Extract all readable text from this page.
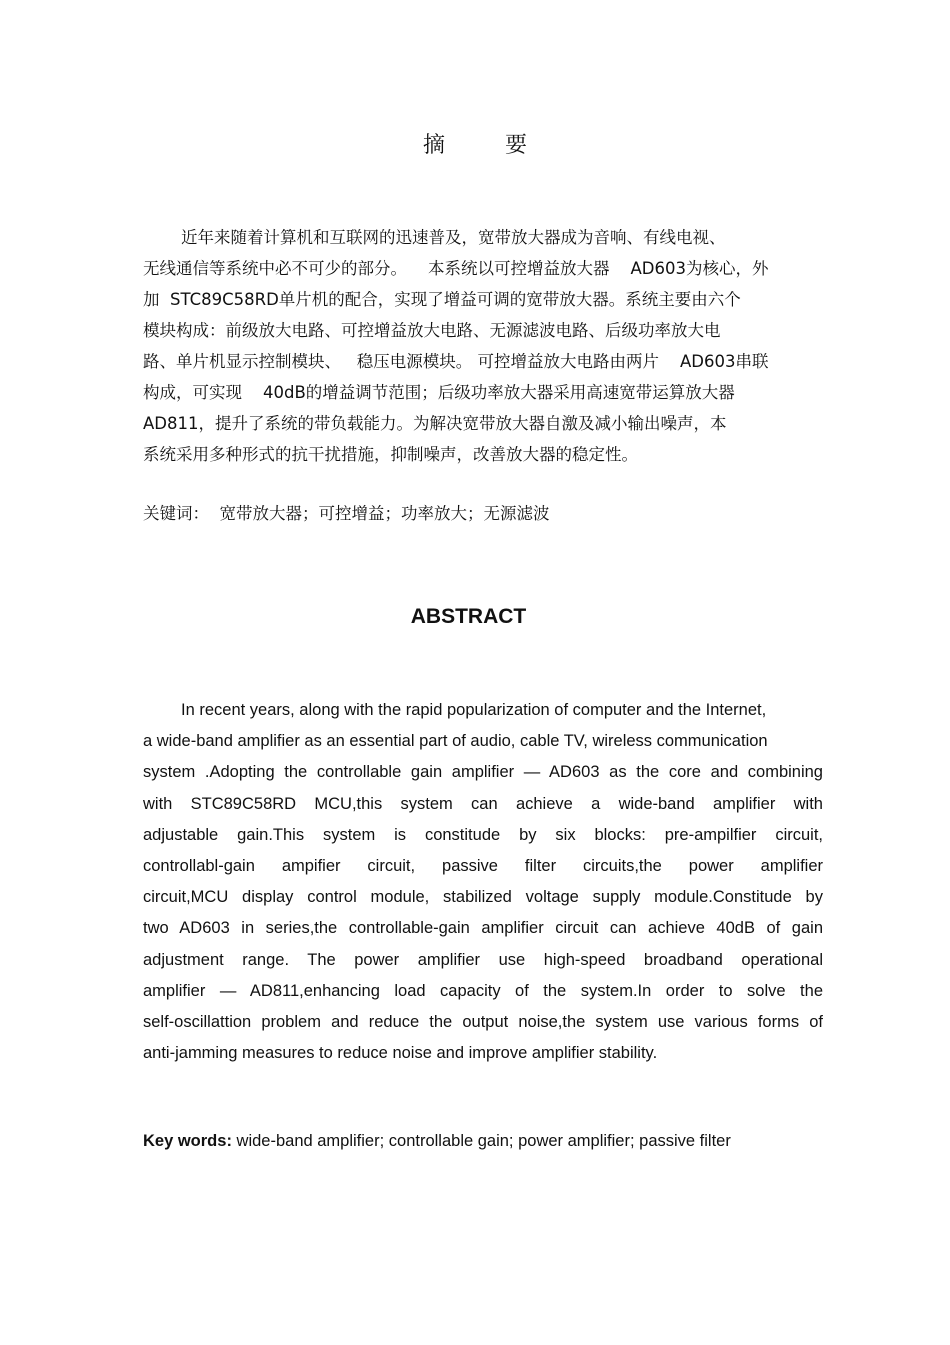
摘	要
近年来随着计算机和互联网的迅速普及，宽带放大器成为音响、有线电视、
无线通信等系统中必不可少的部分。    本系统以可控增益放大器    AD603为核心，外
加  STC89C58RD单片机的配合，实现了增益可调的宽带放大器。系统主要由六个
模块构成：前级放大电路、可控增益放大电路、无源滤波电路、后级功率放大电
路、单片机显示控制模块、   稳压电源模块。 可控增益放大电路由两片    AD603串联
构成，可实现    40dB的增益调节范围；后级功率放大器采用高速宽带运算放大器
AD811，提升了系统的带负载能力。为解决宽带放大器自激及减小输出噪声，本
系统采用多种形式的抗干扰措施，抑制噪声，改善放大器的稳定性。
关键词： 宽带放大器；可控增益；功率放大；无源滤波
ABSTRACT
In recent years, along with the rapid popularization of computer and the Internet,
a wide-band amplifier as an essential part of audio, cable TV, wireless communication
system .Adopting the controllable gain amplifier — AD603 as the core and combining
with STC89C58RD MCU,this system can achieve a wide-band amplifier with
adjustable gain.This system is constitude by six blocks: pre-ampilfier circuit,
controllabl-gain ampifier circuit, passive filter circuits,the power amplifier
circuit,MCU display control module, stabilized voltage supply module.Constitude by
two AD603 in series,the controllable-gain amplifier circuit can achieve 40dB of gain
adjustment range. The power amplifier use high-speed broadband operational
amplifier — AD811,enhancing load capacity of the system.In order to solve the
self-oscillattion problem and reduce the output noise,the system use various forms of
anti-jamming measures to reduce noise and improve amplifier stability.
Key words: wide-band amplifier; controllable gain; power amplifier; passive filter
